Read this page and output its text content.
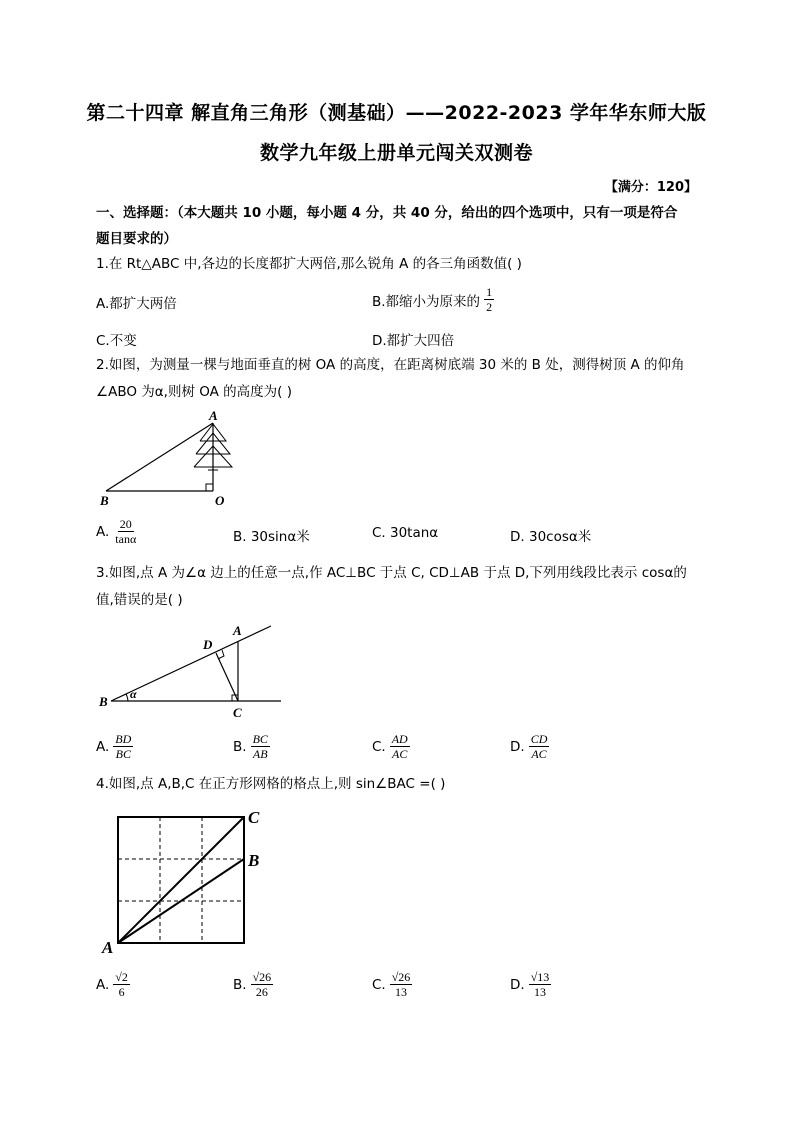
第二十四章 解直角三角形（测基础）——2022-2023 学年华东师大版
数学九年级上册单元闯关双测卷
【满分：120】
一、选择题：（本大题共 10 小题，每小题 4 分，共 40 分，给出的四个选项中，只有一项是符合
题目要求的）
1.在 Rt△ABC 中,各边的长度都扩大两倍,那么锐角 A 的各三角函数值( )
A.都扩大两倍	B.都缩小为原来的 $\frac{1}{2}$
C.不变	D.都扩大四倍
2.如图，为测量一棵与地面垂直的树 OA 的高度，在距离树底端 30 米的 B 处，测得树顶 A 的仰角
∠ABO 为α,则树 OA 的高度为( )
A
B	O
A. $\frac{20}{\tan\alpha}$	B. 30sinα米	C. 30tanα	D. 30cosα米
3.如图,点 A 为∠α 边上的任意一点,作 AC⊥BC 于点 C, CD⊥AB 于点 D,下列用线段比表示 cosα的
值,错误的是( )
A
B
C
D
α
A. $\frac{BD}{BC}$	B. $\frac{BC}{AB}$	C. $\frac{AD}{AC}$	D. $\frac{CD}{AC}$
4.如图,点 A,B,C 在正方形网格的格点上,则 sin∠BAC =( )
C
B
A
A. $\frac{√2}{6}$	B. $\frac{√26}{26}$	C. $\frac{√26}{13}$	D. $\frac{√13}{13}$
